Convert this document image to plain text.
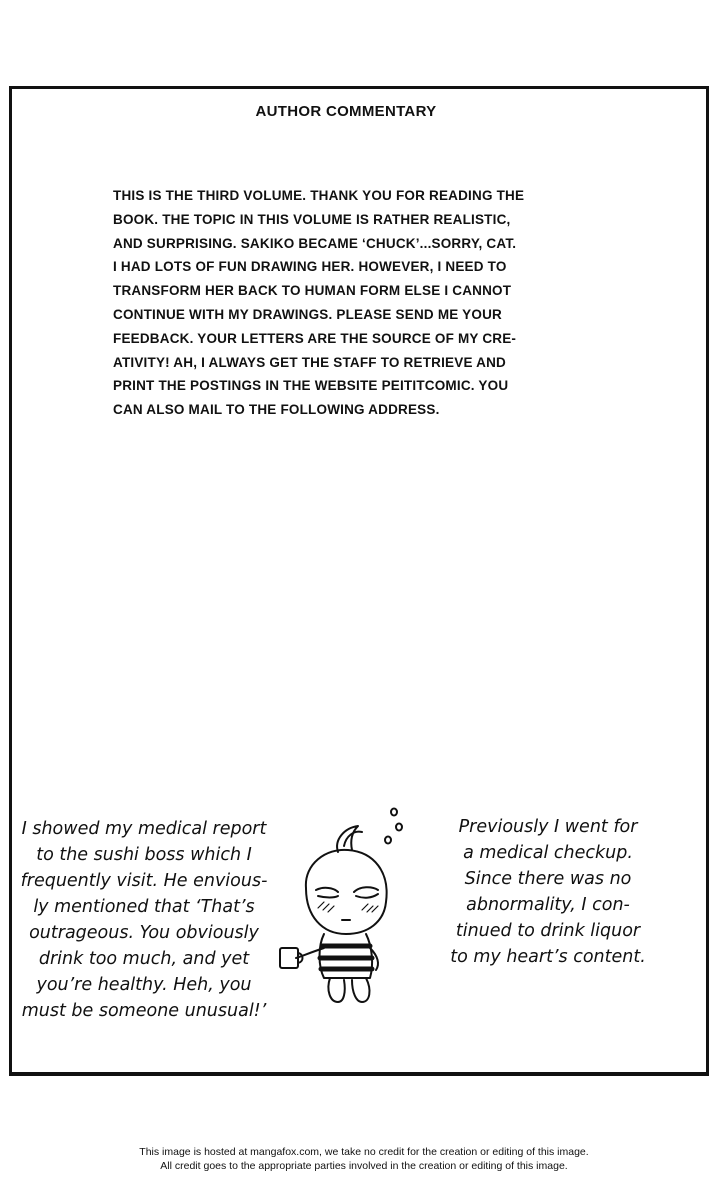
AUTHOR COMMENTARY
THIS IS THE THIRD VOLUME. THANK YOU FOR READING THE
BOOK. THE TOPIC IN THIS VOLUME IS RATHER REALISTIC,
AND SURPRISING. SAKIKO BECAME ‘CHUCK’...SORRY, CAT.
I HAD LOTS OF FUN DRAWING HER. HOWEVER, I NEED TO
TRANSFORM HER BACK TO HUMAN FORM ELSE I CANNOT
CONTINUE WITH MY DRAWINGS. PLEASE SEND ME YOUR
FEEDBACK. YOUR LETTERS ARE THE SOURCE OF MY CRE-
ATIVITY! AH, I ALWAYS GET THE STAFF TO RETRIEVE AND
PRINT THE POSTINGS IN THE WEBSITE PEITITCOMIC. YOU
CAN ALSO MAIL TO THE FOLLOWING ADDRESS.
I showed my medical report
to the sushi boss which I
frequently visit. He envious-
ly mentioned that ‘That’s
outrageous. You obviously
drink too much, and yet
you’re healthy. Heh, you
must be someone unusual!’
Previously I went for
a medical checkup.
Since there was no
abnormality, I con-
tinued to drink liquor
to my heart’s content.
This image is hosted at mangafox.com, we take no credit for the creation or editing of this image.
All credit goes to the appropriate parties involved in the creation or editing of this image.
